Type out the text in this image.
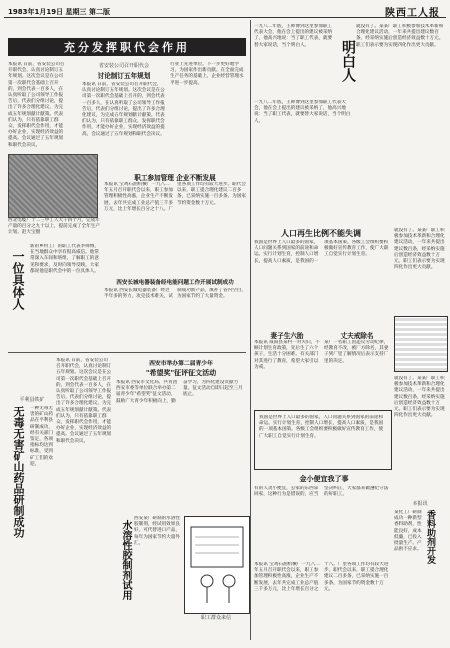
1983年1月19日 星期三 第二版	陕西工人报
充分发挥职代会作用
本报讯 日前，省安装公司召开职代会，认真讨论制订五年规划。这次会议是在公司第一次职代会基础上召开的，到会代表一百多人，在认真听取了公司领导工作报告后，代表们分组讨论，提出了许多合理化建议，为完成五年规划献计献策。代表们认为，只有依靠职工群众，发挥职代会作用，才能办好企业，实现经济效益的提高。会议通过了五年规划和职代会决议。
省安装公司召开职代会
讨论制订五年规划
本报讯 日前，省安装公司召开职代会，认真讨论制订五年规划。这次会议是在公司第一次职代会基础上召开的，到会代表一百多人，在认真听取了公司领导工作报告后，代表们分组讨论，提出了许多合理化建议，为完成五年规划献计献策。代表们认为，只有依靠职工群众，发挥职代会作用，才能办好企业，实现经济效益的提高。会议通过了五年规划和职代会决议。
行业上先进单位。下一步更好地学习，为国家作出新贡献。在全面完成生产任务的基础上，企业经营管理水平进一步提高。
西北电缆厂十二三中工人大干四个月，完成年产量的百分之九十以上，提前完成了全年生产计划。赵大宝摄
职工参加管理 企业不断发展
本报讯 宝鸡石油机械厂一九八二年五月召开职代会以来，职工参加管理积极性高涨，企业生产不断发展，去年共完成工业总产值三千多万元，比上年增长百分之十八。厂里各项工作均有较大进步。职代会以来，职工提合理化建议二百多条，已采纳实施一百多条，为国家节约资金数十万元。
一位具体人
新的乡村工厂的职工代表李师傅，在当地群众中享有很高威信。他常常深入车间和班组，了解职工的意见和要求，及时向领导反映。大家都说他是职代会中的一位具体人。
西安长城电器装备经电能问题工作开展试制成功
本报讯 西安长城电器装备厂经过半年多的努力，攻克技术难关，试制成功新产品，填补了省内空白，为国家节约了大量资金。
平利县铁矿
无毒无害矿山药品研制成功 一种无毒无害的矿山药品在平利县研制成功，经有关部门鉴定，各项指标均达到标准，受到矿工们的欢迎。
本报讯 日前，省安装公司召开职代会，认真讨论制订五年规划。这次会议是在公司第一次职代会基础上召开的，到会代表一百多人，在认真听取了公司领导工作报告后，代表们分组讨论，提出了许多合理化建议，为完成五年规划献计献策。代表们认为，只有依靠职工群众，发挥职代会作用，才能办好企业，实现经济效益的提高。会议通过了五年规划和职代会决议。
水溶性胶制剂试用
西安某厂研制的水溶性胶制剂，经试用效果良好，可代替进口产品，每年为国家节约大量外汇。
西安市举办第二届青少年
"希望奖"征评征文活动
本报讯 西安市文化局、共青团西安市委等单位联合举办第二届青少年"希望奖"征文活动，鼓励广大青少年积极向上，勤奋学习，为四化建设贡献力量。征文活动自即日起至三月底止。
职工群众来信
一九八二年底，王师傅到这里参加职工代表大会，他在会上提出的建议被采纳了，他高兴地说：当了职工代表，就要替大家说话，当个明白人。	明白人
就没有了。某某厂职工积极参加技术革新和合理化建议活动，一年来共提出建议数百条，经采纳实施后创造经济效益数十万元。职工们表示要为实现四化作出更大贡献。
一九八二年底，王师傅到这里参加职工代表大会，他在会上提出的建议被采纳了，他高兴地说：当了职工代表，就要替大家说话，当个明白人。
人口再生比例不能失调
我国是世界上人口最多的国家，人口问题关系到国家的前途和命运。实行计划生育，控制人口增长，提高人口素质，是我国的一项基本国策。各级工会组织要积极做好宣传教育工作，使广大职工自觉实行计划生育。
就没有了。某某厂职工积极参加技术革新和合理化建议活动，一年来共提出建议数百条，经采纳实施后创造经济效益数十万元。职工们表示要为实现四化作出更大贡献。
妻子生六胎
本报讯 咸阳县某村一对夫妇，不顾计划生育政策，先后生了六个孩子，生活十分困难。有关部门对其进行了教育，希望大家引以为戒。
丈夫戒除名
某厂一名职工因违反劳动纪律，经教育不改，被厂方除名，其妻子到厂里了解情况后表示支持厂里的决定。
我国是世界上人口最多的国家，人口问题关系到国家的前途和命运。实行计划生育，控制人口增长，提高人口素质，是我国的一项基本国策。各级工会组织要积极做好宣传教育工作，使广大职工自觉实行计划生育。
就没有了。某某厂职工积极参加技术革新和合理化建议活动，一年来共提出建议数百条，经采纳实施后创造经济效益数十万元。职工们表示要为实现四化作出更大贡献。
金小便宜我了事
有的人贪小便宜，公家的东西拿回家，这种行为是错误的，应当坚决纠正，大家都来做遵纪守法的好职工。
本报讯
香料助剂开发
某化工厂研制成功一种新型香料助剂，性能良好，成本低廉，已投入批量生产。产品供不应求。
本报讯 宝鸡石油机械厂一九八二年五月召开职代会以来，职工参加管理积极性高涨，企业生产不断发展，去年共完成工业总产值三千多万元，比上年增长百分之十八。厂里各项工作均有较大进步。职代会以来，职工提合理化建议二百多条，已采纳实施一百多条，为国家节约资金数十万元。
